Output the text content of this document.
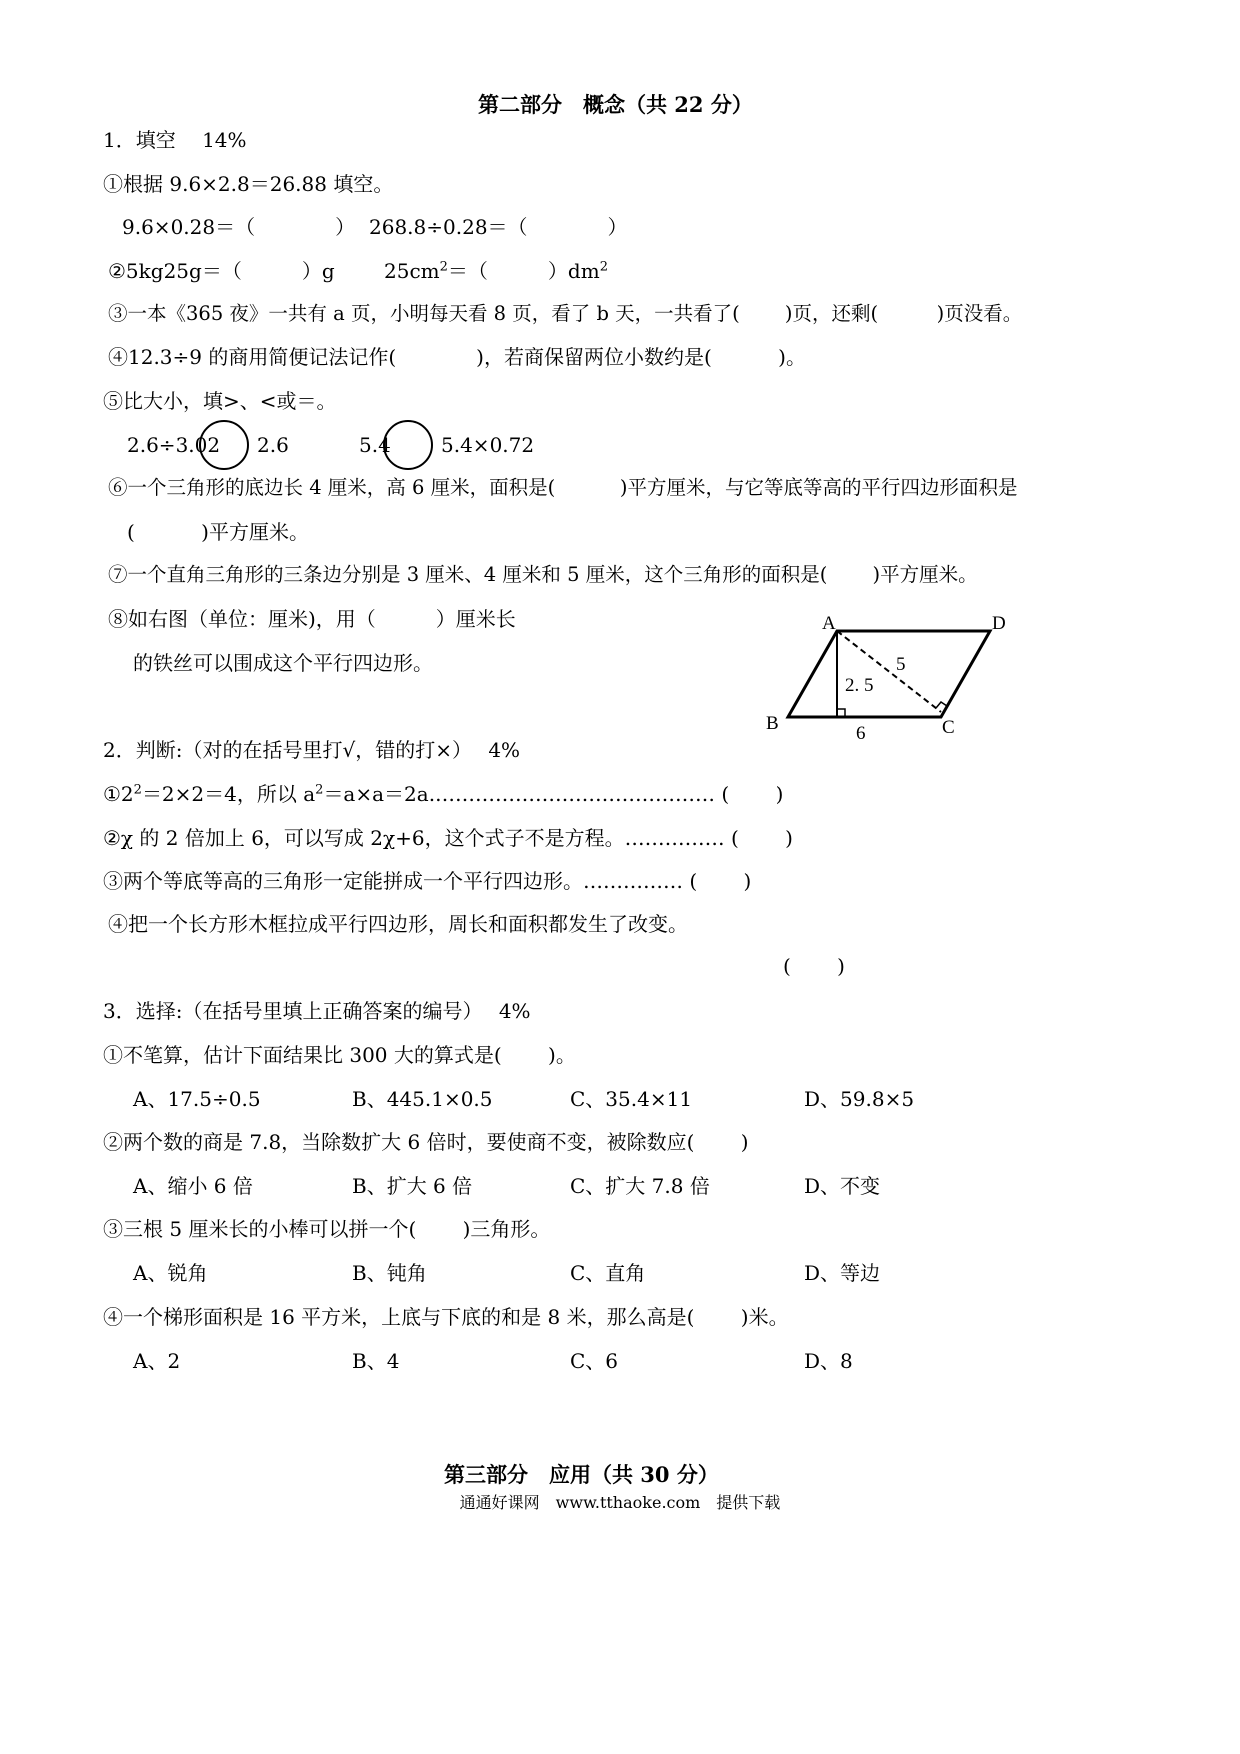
第二部分　概念（共 22 分）
1．填空　 14%
①根据 9.6×2.8＝26.88 填空。
9.6×0.28＝（　　　　） 268.8÷0.28＝（　　　　）
②5kg25g＝（　　　）g $25cm^2=$（　　　）$dm^2$
③一本《365 夜》一共有 a 页，小明每天看 8 页，看了 b 天，一共看了(　　 )页，还剩(　　　)页没看。
④12.3÷9 的商用简便记法记作(　　　　)，若商保留两位小数约是(　　　 )。
⑤比大小，填>、<或＝。
2.6÷3.02 2.6	5.4	5.4×0.72
⑥一个三角形的底边长 4 厘米，高 6 厘米，面积是(　　　 )平方厘米，与它等底等高的平行四边形面积是
(　　　 )平方厘米。
⑦一个直角三角形的三条边分别是 3 厘米、4 厘米和 5 厘米，这个三角形的面积是(　　 )平方厘米。
⑧如右图（单位：厘米)，用（　　　）厘米长
的铁丝可以围成这个平行四边形。
A	D
B	C
5
2. 5
6
2．判断:（对的在括号里打√，错的打×）　 4%
$①2^2=2\times 2=4$，所以 $a^2=a\times a=2a.\dots\dots\dots\dots\dots\dots\dots\dots\dots\dots\dots\dots\dots\dots$ (　　 )
②χ 的 2 倍加上 6，可以写成 2χ+6，这个式子不是方程。…………… (　　 )
③两个等底等高的三角形一定能拼成一个平行四边形。…………… (　　 )
④把一个长方形木框拉成平行四边形，周长和面积都发生了改变。
(　　 )
3．选择:（在括号里填上正确答案的编号）　 4%
①不笔算，估计下面结果比 300 大的算式是(　　 )。
A、17.5÷0.5	B、445.1×0.5	C、35.4×11	D、59.8×5
②两个数的商是 7.8，当除数扩大 6 倍时，要使商不变，被除数应(　　 )
A、缩小 6 倍	B、扩大 6 倍	C、扩大 7.8 倍	D、不变
③三根 5 厘米长的小棒可以拼一个(　　 )三角形。
A、锐角	B、钝角	C、直角	D、等边
④一个梯形面积是 16 平方米，上底与下底的和是 8 米，那么高是(　　 )米。
A、2	B、4	C、6	D、8
第三部分　应用（共 30 分）
通通好课网　www.tthaoke.com　提供下载
